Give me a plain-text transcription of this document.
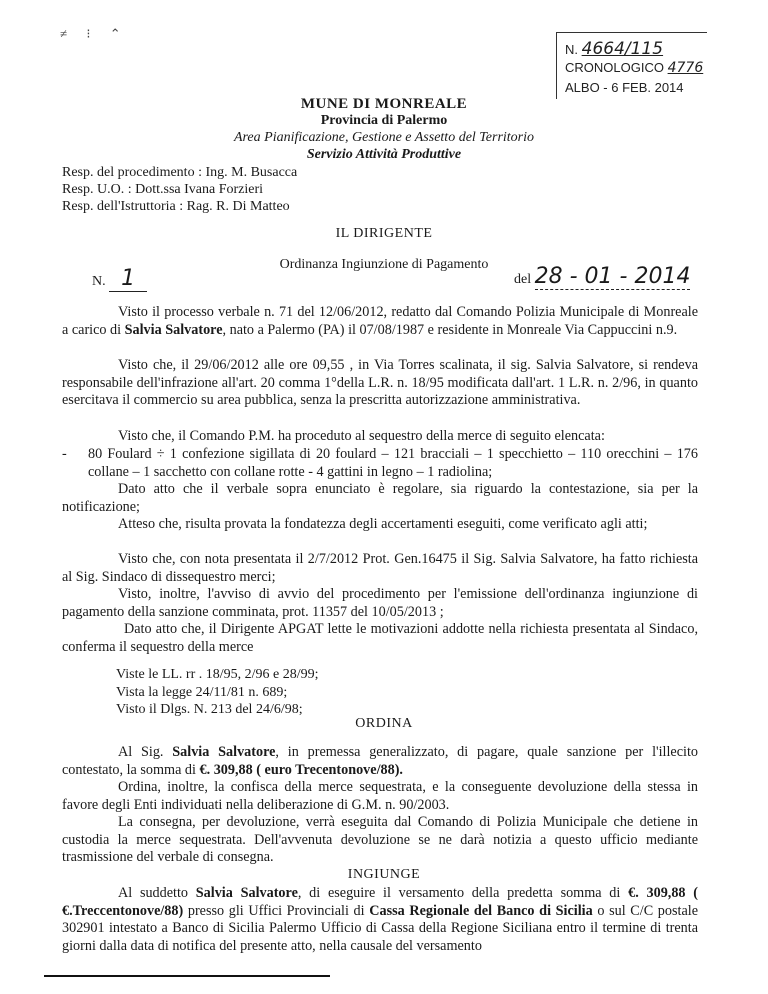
≠ ⁝ ⌃
N. 4664/115
CRONOLOGICO 4776
ALBO - 6 FEB. 2014
MUNE DI MONREALE
Provincia di Palermo
Area Pianificazione, Gestione e Assetto del Territorio
Servizio Attività Produttive
Resp. del procedimento : Ing. M. Busacca
Resp. U.O. : Dott.ssa Ivana Forzieri
Resp. dell'Istruttoria : Rag. R. Di Matteo
IL DIRIGENTE
Ordinanza Ingiunzione di Pagamento
N. 1	del 28 - 01 - 2014
Visto il processo verbale n. 71 del 12/06/2012, redatto dal Comando Polizia Municipale di Monreale a carico di Salvia Salvatore, nato a Palermo (PA) il 07/08/1987 e residente in Monreale Via Cappuccini n.9.
Visto che, il 29/06/2012 alle ore 09,55 , in Via Torres scalinata, il sig. Salvia Salvatore, si rendeva responsabile dell'infrazione all'art. 20 comma 1°della L.R. n. 18/95 modificata dall'art. 1 L.R. n. 2/96, in quanto esercitava il commercio su area pubblica, senza la prescritta autorizzazione amministrativa.
Visto che, il Comando P.M. ha proceduto al sequestro della merce di seguito elencata:
- 80 Foulard ÷ 1 confezione sigillata di 20 foulard – 121 bracciali – 1 specchietto – 110 orecchini – 176 collane – 1 sacchetto con collane rotte - 4 gattini in legno – 1 radiolina;
Dato atto che il verbale sopra enunciato è regolare, sia riguardo la contestazione, sia per la notificazione;
Atteso che, risulta provata la fondatezza degli accertamenti eseguiti, come verificato agli atti;
Visto che, con nota presentata il 2/7/2012 Prot. Gen.16475 il Sig. Salvia Salvatore, ha fatto richiesta al Sig. Sindaco di dissequestro merci;
Visto, inoltre, l'avviso di avvio del procedimento per l'emissione dell'ordinanza ingiunzione di pagamento della sanzione comminata, prot. 11357 del 10/05/2013 ;
Dato atto che, il Dirigente APGAT lette le motivazioni addotte nella richiesta presentata al Sindaco, conferma il sequestro della merce
Viste le LL. rr . 18/95, 2/96 e 28/99;
Vista la legge 24/11/81 n. 689;
Visto il Dlgs. N. 213 del 24/6/98;
ORDINA
Al Sig. Salvia Salvatore, in premessa generalizzato, di pagare, quale sanzione per l'illecito contestato, la somma di €. 309,88 ( euro Trecentonove/88).
Ordina, inoltre, la confisca della merce sequestrata, e la conseguente devoluzione della stessa in favore degli Enti individuati nella deliberazione di G.M. n. 90/2003.
La consegna, per devoluzione, verrà eseguita dal Comando di Polizia Municipale che detiene in custodia la merce sequestrata. Dell'avvenuta devoluzione se ne darà notizia a questo ufficio mediante trasmissione del verbale di consegna.
INGIUNGE
Al suddetto Salvia Salvatore, di eseguire il versamento della predetta somma di €. 309,88 ( €.Treccentonove/88) presso gli Uffici Provinciali di Cassa Regionale del Banco di Sicilia o sul C/C postale 302901 intestato a Banco di Sicilia Palermo Ufficio di Cassa della Regione Siciliana entro il termine di trenta giorni dalla data di notifica del presente atto, nella causale del versamento
